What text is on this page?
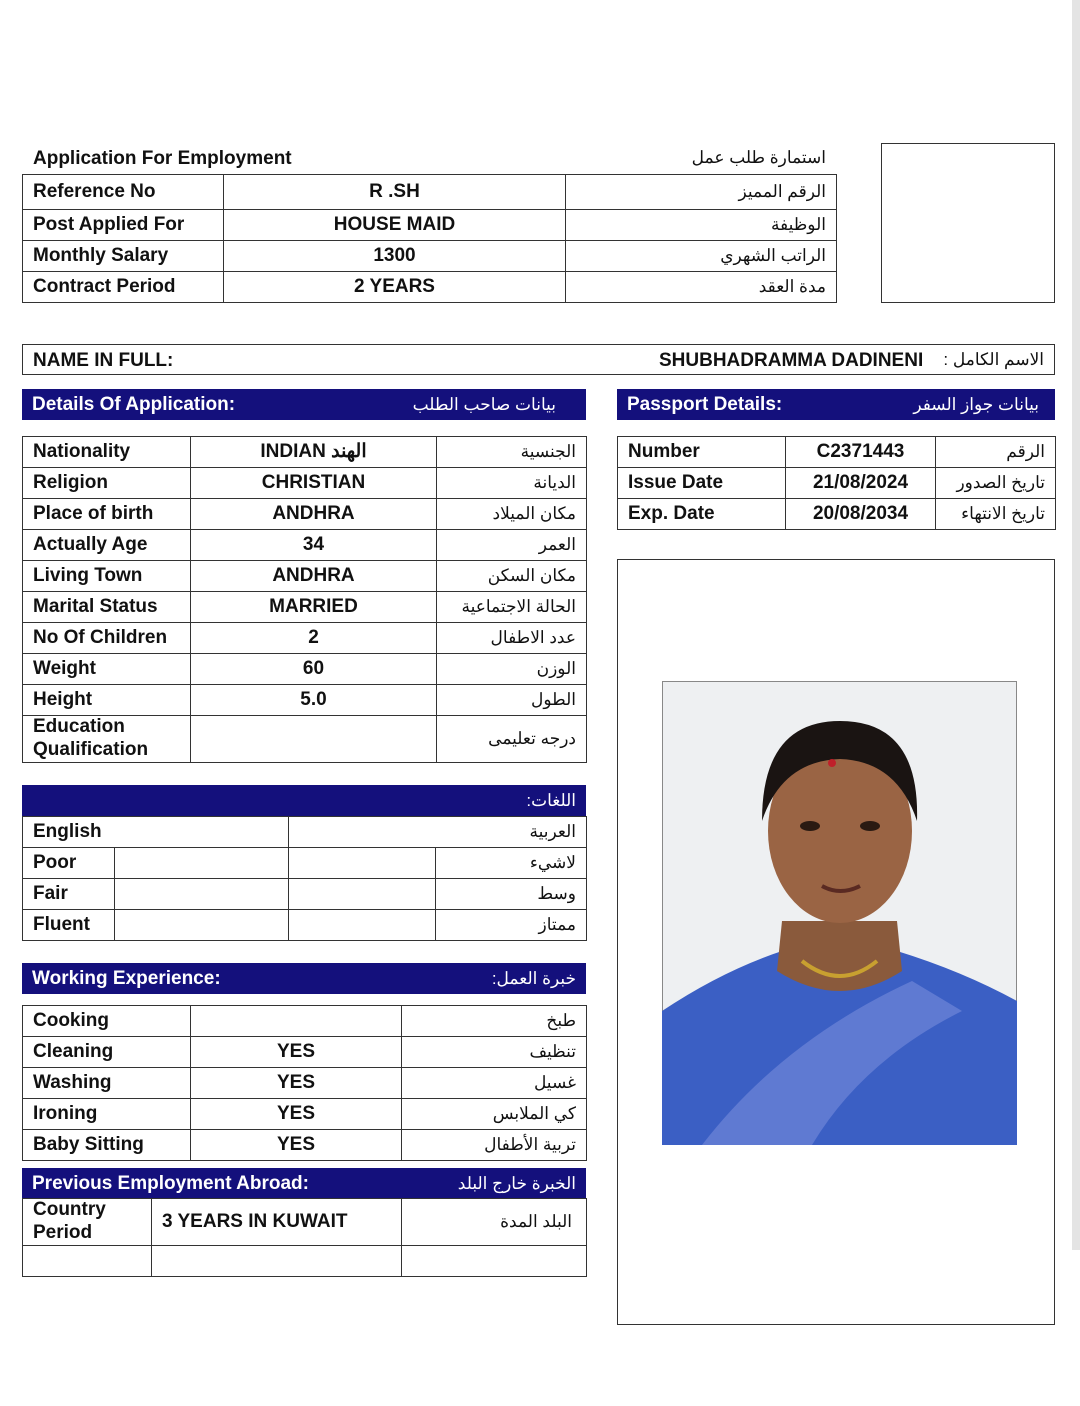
Application For Employment	استمارة طلب عمل
Reference No	R .SH	الرقم المميز
Post Applied For	HOUSE MAID	الوظيفة
Monthly Salary	1300	الراتب الشهري
Contract Period	2 YEARS	مدة العقد
NAME IN FULL:	SHUBHADRAMMA DADINENI الاسم الكامل :
Details Of Application:	بيانات صاحب الطلب	Passport Details:	بيانات جواز السفر
Nationality	INDIAN الهند	الجنسية
Religion	CHRISTIAN	الديانة
Place of birth	ANDHRA	مكان الميلاد
Actually Age	34	العمر
Living Town	ANDHRA	مكان السكن
Marital Status	MARRIED	الحالة الاجتماعية
No Of Children	2	عدد الاطفال
Weight	60	الوزن
Height	5.0	الطول

Education
Qualification		درجه تعليمى
Number	C2371443	الرقم
Issue Date	21/08/2024	تاريخ الصدور
Exp. Date	20/08/2034	تاريخ الانتهاء
اللغات:
English		العربية	
Poor			لاشيء
Fair			وسط
Fluent			ممتاز
Working Experience:	خبرة العمل:
Cooking		طبخ
Cleaning	YES	تنظيف
Washing	YES	غسيل
Ironing	YES	كي الملابس
Baby Sitting	YES	تربية الأطفال
Previous Employment Abroad:	الخبرة خارج البلد
Country
Period	3 YEARS IN KUWAIT	البلد المدة
